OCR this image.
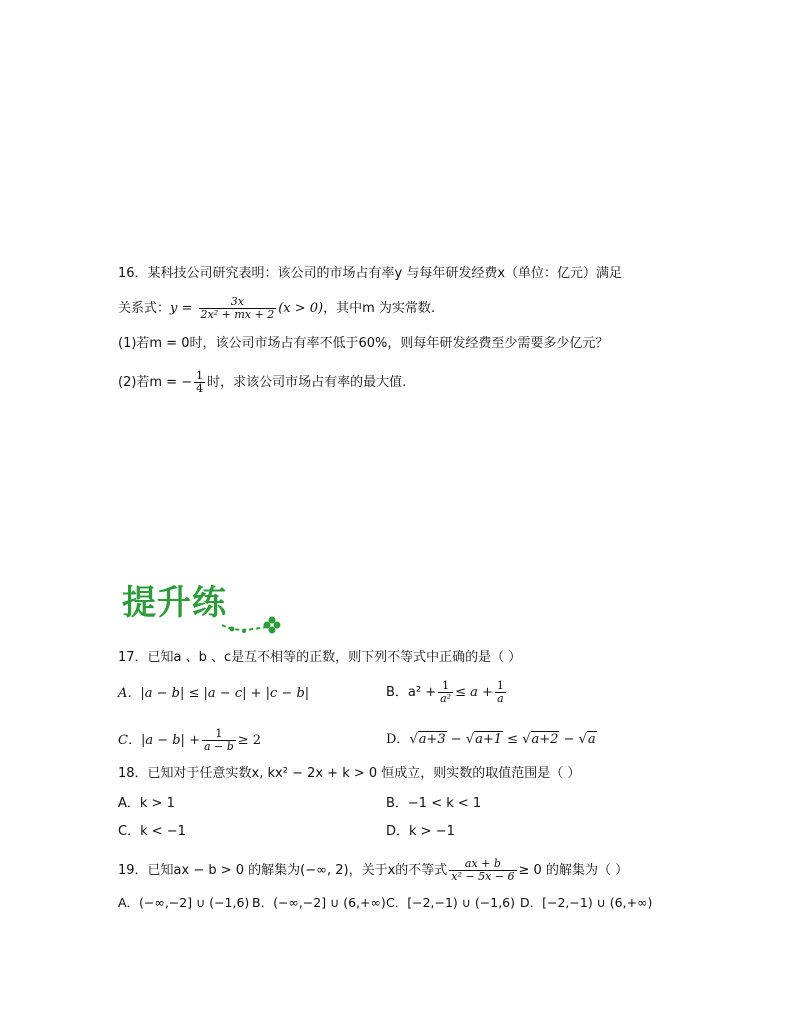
16．某科技公司研究表明：该公司的市场占有率y 与每年研发经费x（单位：亿元）满足
关系式：$y = \frac{3x}{\text{2x² + mx + 2}} (x > 0)$，其中m 为实常数.
(1)若m = 0时，该公司市场占有率不低于60%，则每年研发经费至少需要多少亿元？
(2)若m = − $\frac{1}{4}$ 时，求该公司市场占有率的最大值.
提升练
17．已知a 、b 、c是互不相等的正数，则下列不等式中正确的是（ ）
A．|a − b| ≤ |a − c| + |c − b|	B．$a^2 + \frac{1}{\text{a²}} \le a + \frac{1}{a}$
C．$|a - b| + \frac{1}{a - b} \ge 2$	D．√a+3 − √a+1 ≤ √a+2 − √a
18．已知对于任意实数x, kx² − 2x + k > 0 恒成立，则实数的取值范围是（ ）
A．k > 1	B．−1 < k < 1
C．k < −1	D．k > −1
19．已知ax − b > 0 的解集为(−∞, 2)，关于x的不等式 $\frac{ax + b}{\text{x² − 5x − 6}} \ge 0$ 的解集为（ ）
A．(−∞,−2] ∪ (−1,6) B．(−∞,−2] ∪ (6,+∞) C．[−2,−1) ∪ (−1,6) D．[−2,−1) ∪ (6,+∞)
